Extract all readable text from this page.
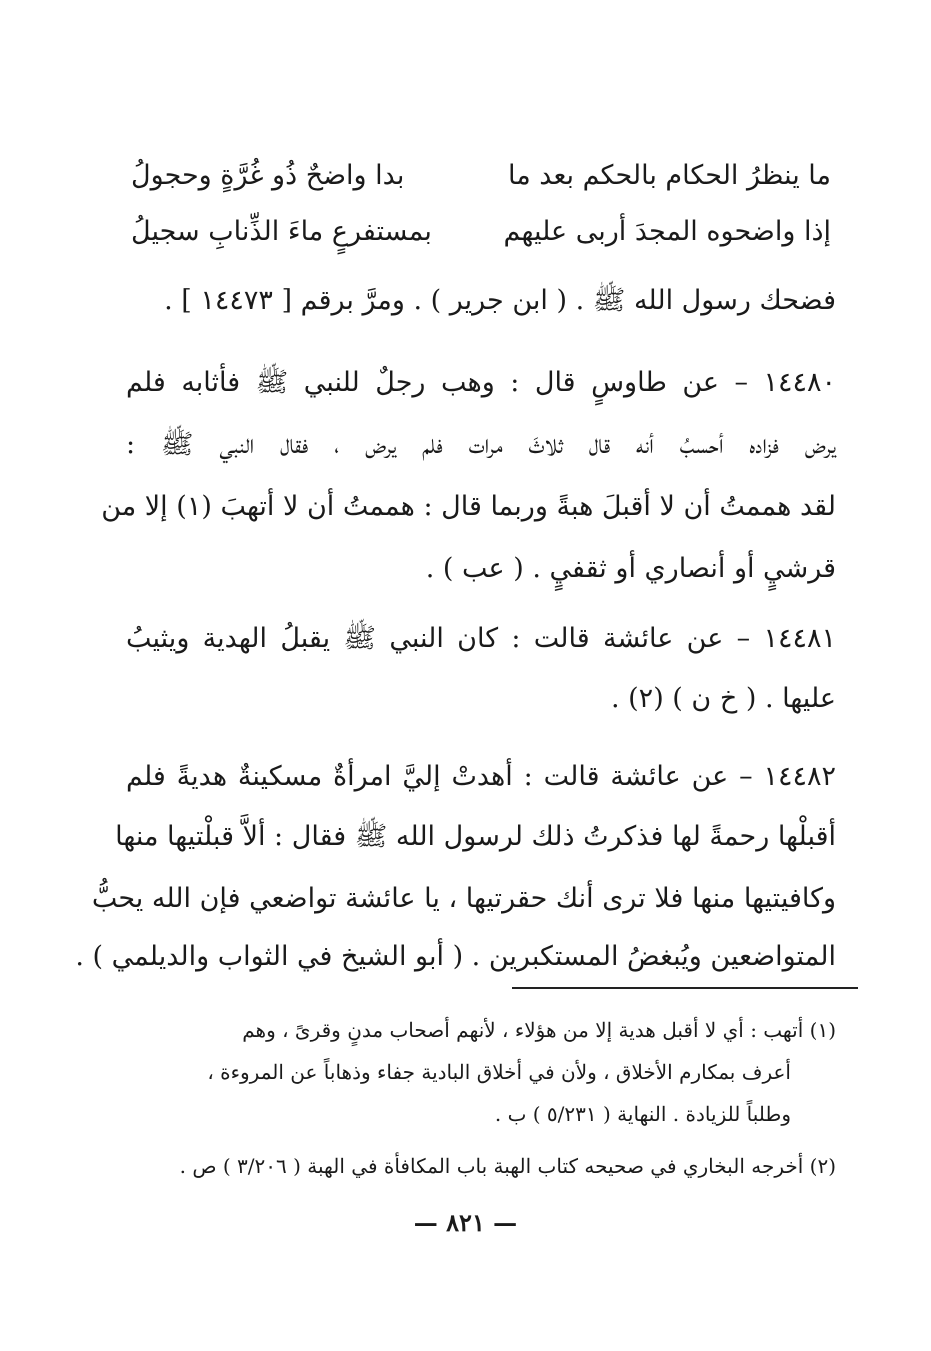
ما ينظرُ الحكام بالحكم بعد ما
بدا واضحٌ ذُو غُرَّةٍ وحجولُ
إذا واضحوه المجدَ أربى عليهم
بمستفرعٍ ماءَ الذِّنابِ سجيلُ
فضحك رسول الله ﷺ . ( ابن جرير ) . ومرَّ برقم [ ١٤٤٧٣ ] .
١٤٤٨٠ – عن طاوسٍ قال : وهب رجلٌ للنبي ﷺ فأثابه فلم
يرض فزاده أحسبُ أنه قال ثلاثَ مرات فلم يرض ، فقال النبي ﷺ :
لقد هممتُ أن لا أقبلَ هبةً وربما قال : هممتُ أن لا أتهبَ (١) إلا من
قرشيٍ أو أنصاري أو ثقفيٍ . ( عب ) .
١٤٤٨١ – عن عائشة قالت : كان النبي ﷺ يقبلُ الهدية ويثيبُ
عليها . ( خ ن ) (٢) .
١٤٤٨٢ – عن عائشة قالت : أهدتْ إليَّ امرأةٌ مسكينةٌ هديةً فلم
أقبلْها رحمةً لها فذكرتُ ذلك لرسول الله ﷺ فقال : ألاَّ قبلْتيها منها
وكافيتيها منها فلا ترى أنك حقرتيها ، يا عائشة تواضعي فإن الله يحبُّ
المتواضعين ويُبغضُ المستكبرين . ( أبو الشيخ في الثواب والديلمي ) .
(١) أتهب : أي لا أقبل هدية إلا من هؤلاء ، لأنهم أصحاب مدنٍ وقرىً ، وهم
أعرف بمكارم الأخلاق ، ولأن في أخلاق البادية جفاء وذهاباً عن المروءة ،
وطلباً للزيادة . النهاية ( ٥/٢٣١ ) ب .
(٢) أخرجه البخاري في صحيحه كتاب الهبة باب المكافأة في الهبة ( ٣/٢٠٦ ) ص .
— ٨٢١ —
